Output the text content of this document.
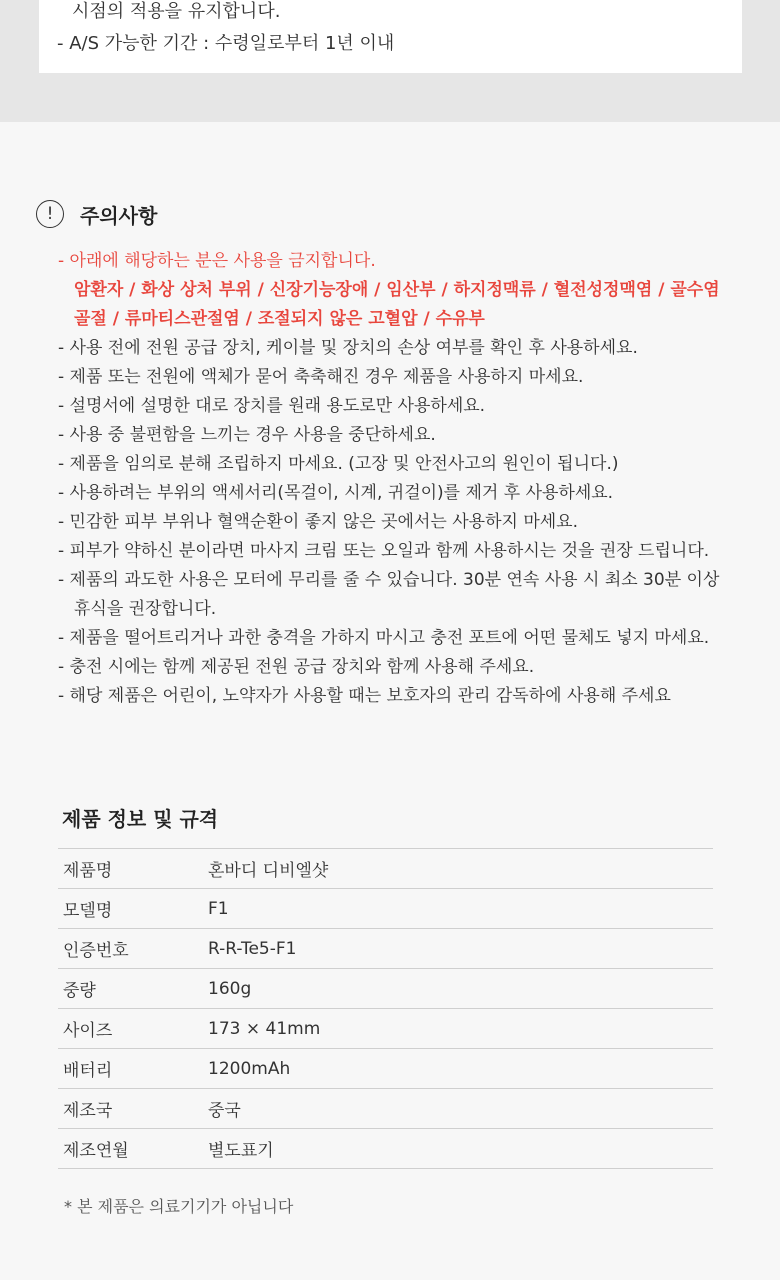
시점의 적용을 유지합니다.
- A/S 가능한 기간 : 수령일로부터 1년 이내
!	주의사항
- 아래에 해당하는 분은 사용을 금지합니다.
암환자 / 화상 상처 부위 / 신장기능장애 / 임산부 / 하지정맥류 / 혈전성정맥염 / 골수염
골절 / 류마티스관절염 / 조절되지 않은 고혈압 / 수유부
- 사용 전에 전원 공급 장치, 케이블 및 장치의 손상 여부를 확인 후 사용하세요.
- 제품 또는 전원에 액체가 묻어 축축해진 경우 제품을 사용하지 마세요.
- 설명서에 설명한 대로 장치를 원래 용도로만 사용하세요.
- 사용 중 불편함을 느끼는 경우 사용을 중단하세요.
- 제품을 임의로 분해 조립하지 마세요. (고장 및 안전사고의 원인이 됩니다.)
- 사용하려는 부위의 액세서리(목걸이, 시계, 귀걸이)를 제거 후 사용하세요.
- 민감한 피부 부위나 혈액순환이 좋지 않은 곳에서는 사용하지 마세요.
- 피부가 약하신 분이라면 마사지 크림 또는 오일과 함께 사용하시는 것을 권장 드립니다.
- 제품의 과도한 사용은 모터에 무리를 줄 수 있습니다. 30분 연속 사용 시 최소 30분 이상
휴식을 권장합니다.
- 제품을 떨어트리거나 과한 충격을 가하지 마시고 충전 포트에 어떤 물체도 넣지 마세요.
- 충전 시에는 함께 제공된 전원 공급 장치와 함께 사용해 주세요.
- 해당 제품은 어린이, 노약자가 사용할 때는 보호자의 관리 감독하에 사용해 주세요
제품 정보 및 규격
제품명	혼바디 디비엘샷
모델명	F1
인증번호	R-R-Te5-F1
중량	160g
사이즈	173 × 41mm
배터리	1200mAh
제조국	중국
제조연월	별도표기
* 본 제품은 의료기기가 아닙니다
